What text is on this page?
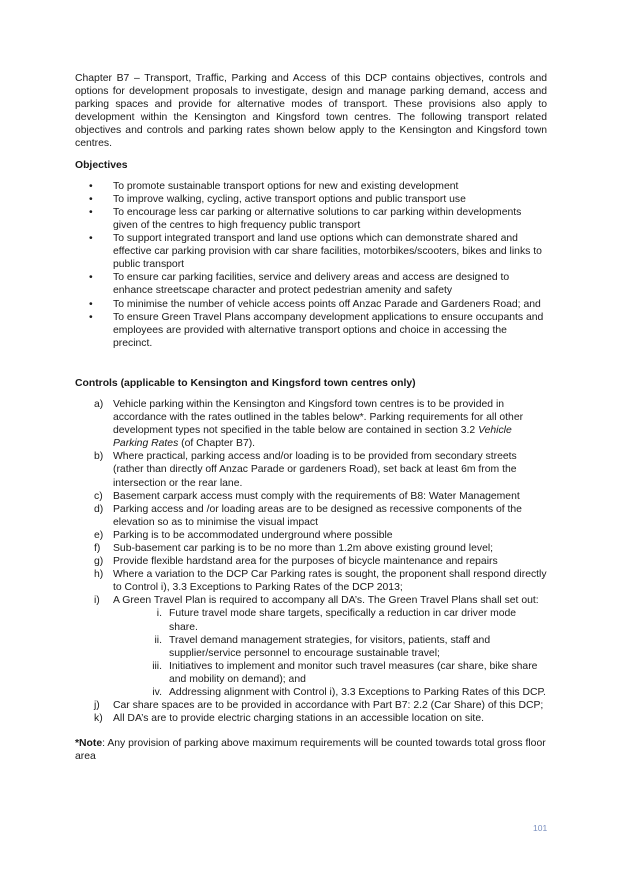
Chapter B7 – Transport, Traffic, Parking and Access of this DCP contains objectives, controls and options for development proposals to investigate, design and manage parking demand, access and parking spaces and provide for alternative modes of transport. These provisions also apply to development within the Kensington and Kingsford town centres. The following transport related objectives and controls and parking rates shown below apply to the Kensington and Kingsford town centres.

Objectives
• To promote sustainable transport options for new and existing development
• To improve walking, cycling, active transport options and public transport use
• To encourage less car parking or alternative solutions to car parking within developments given of the centres to high frequency public transport
• To support integrated transport and land use options which can demonstrate shared and effective car parking provision with car share facilities, motorbikes/scooters, bikes and links to public transport
• To ensure car parking facilities, service and delivery areas and access are designed to enhance streetscape character and protect pedestrian amenity and safety
• To minimise the number of vehicle access points off Anzac Parade and Gardeners Road; and
• To ensure Green Travel Plans accompany development applications to ensure occupants and employees are provided with alternative transport options and choice in accessing the precinct.
Controls (applicable to Kensington and Kingsford town centres only)
a) Vehicle parking within the Kensington and Kingsford town centres is to be provided in accordance with the rates outlined in the tables below*. Parking requirements for all other development types not specified in the table below are contained in section 3.2 Vehicle Parking Rates (of Chapter B7).
b) Where practical, parking access and/or loading is to be provided from secondary streets (rather than directly off Anzac Parade or gardeners Road), set back at least 6m from the intersection or the rear lane.
c) Basement carpark access must comply with the requirements of B8: Water Management
d) Parking access and /or loading areas are to be designed as recessive components of the elevation so as to minimise the visual impact
e) Parking is to be accommodated underground where possible
f) Sub-basement car parking is to be no more than 1.2m above existing ground level;
g) Provide flexible hardstand area for the purposes of bicycle maintenance and repairs
h) Where a variation to the DCP Car Parking rates is sought, the proponent shall respond directly to Control i), 3.3 Exceptions to Parking Rates of the DCP 2013;
i) A Green Travel Plan is required to accompany all DA’s. The Green Travel Plans shall set out:
i. Future travel mode share targets, specifically a reduction in car driver mode share.
ii. Travel demand management strategies, for visitors, patients, staff and supplier/service personnel to encourage sustainable travel;
iii. Initiatives to implement and monitor such travel measures (car share, bike share and mobility on demand); and
iv. Addressing alignment with Control i), 3.3 Exceptions to Parking Rates of this DCP.
j) Car share spaces are to be provided in accordance with Part B7: 2.2 (Car Share) of this DCP;
k) All DA’s are to provide electric charging stations in an accessible location on site.

*Note: Any provision of parking above maximum requirements will be counted towards total gross floor area

101
